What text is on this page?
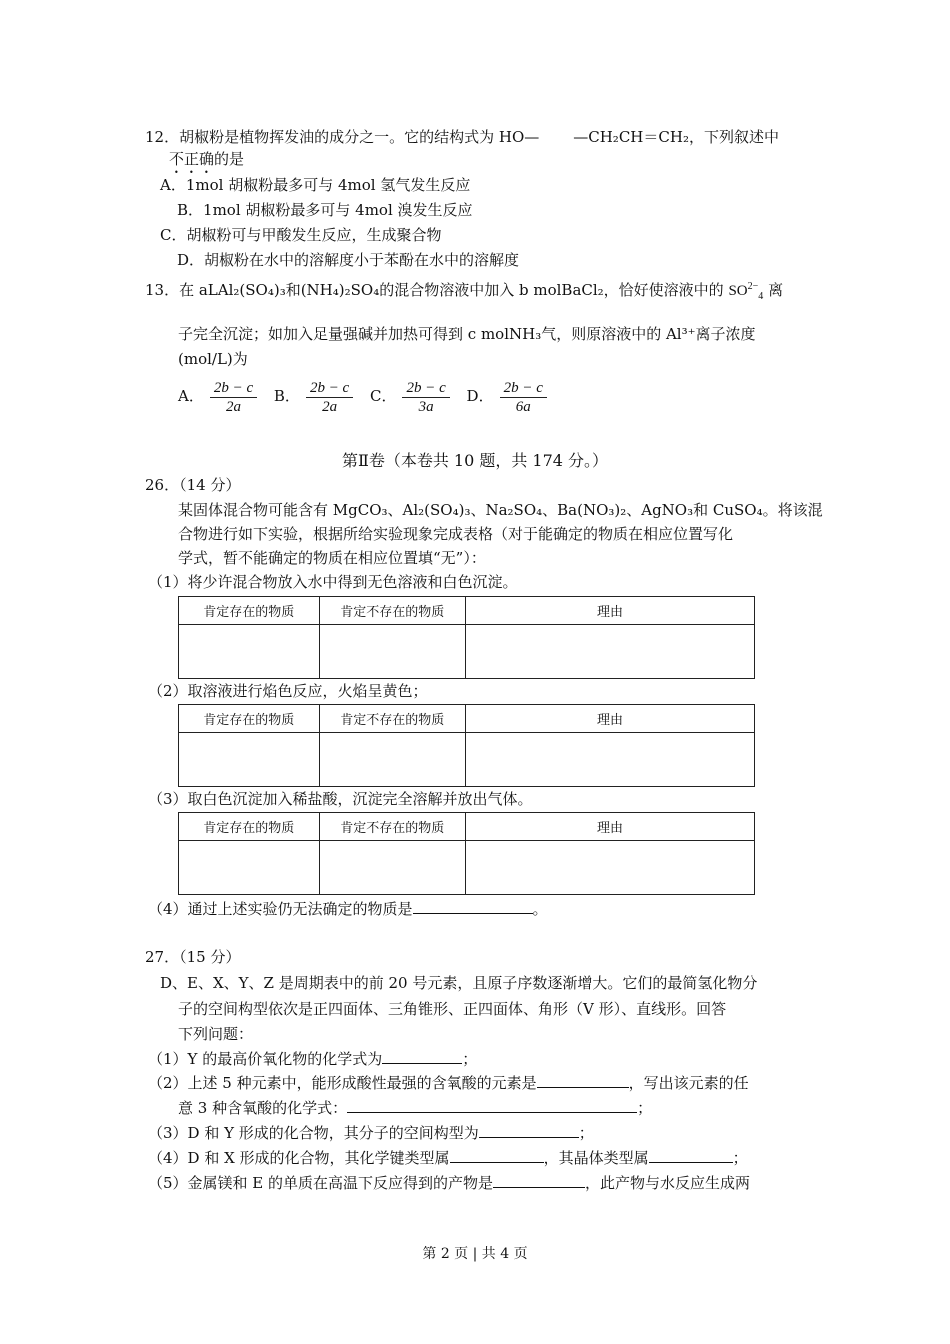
12．胡椒粉是植物挥发油的成分之一。它的结构式为 HO— —CH₂CH＝CH₂，下列叙述中
不正确的是
A．1mol 胡椒粉最多可与 4mol 氢气发生反应
B．1mol 胡椒粉最多可与 4mol 溴发生反应
C．胡椒粉可与甲酸发生反应，生成聚合物
D．胡椒粉在水中的溶解度小于苯酚在水中的溶解度
13．在 aLAl₂(SO₄)₃和(NH₄)₂SO₄的混合物溶液中加入 b molBaCl₂，恰好使溶液中的 $SO^{2-}_4$ 离
子完全沉淀；如加入足量强碱并加热可得到 c molNH₃气，则原溶液中的 Al³⁺离子浓度
(mol/L)为
A． $\frac{2b - c}{2a}$ B． $\frac{2b - c}{2a}$ C． $\frac{2b - c}{3a}$ D． $\frac{2b - c}{6a}$
第Ⅱ卷（本卷共 10 题，共 174 分。）
26．（14 分）
某固体混合物可能含有 MgCO₃、Al₂(SO₄)₃、Na₂SO₄、Ba(NO₃)₂、AgNO₃和 CuSO₄。将该混
合物进行如下实验，根据所给实验现象完成表格（对于能确定的物质在相应位置写化
学式，暂不能确定的物质在相应位置填“无”）：
（1）将少许混合物放入水中得到无色溶液和白色沉淀。
肯定存在的物质	肯定不存在的物质	理由

（2）取溶液进行焰色反应，火焰呈黄色；
肯定存在的物质	肯定不存在的物质	理由

（3）取白色沉淀加入稀盐酸，沉淀完全溶解并放出气体。
肯定存在的物质	肯定不存在的物质	理由

（4）通过上述实验仍无法确定的物质是	。
27．（15 分）
D、E、X、Y、Z 是周期表中的前 20 号元素，且原子序数逐渐增大。它们的最简氢化物分
子的空间构型依次是正四面体、三角锥形、正四面体、角形（V 形）、直线形。回答
下列问题：
（1）Y 的最高价氧化物的化学式为	；
（2）上述 5 种元素中，能形成酸性最强的含氧酸的元素是	，写出该元素的任
意 3 种含氧酸的化学式：	；
（3）D 和 Y 形成的化合物，其分子的空间构型为	；
（4）D 和 X 形成的化合物，其化学键类型属	，其晶体类型属	；
（5）金属镁和 E 的单质在高温下反应得到的产物是	，此产物与水反应生成两
第 2 页 | 共 4 页
